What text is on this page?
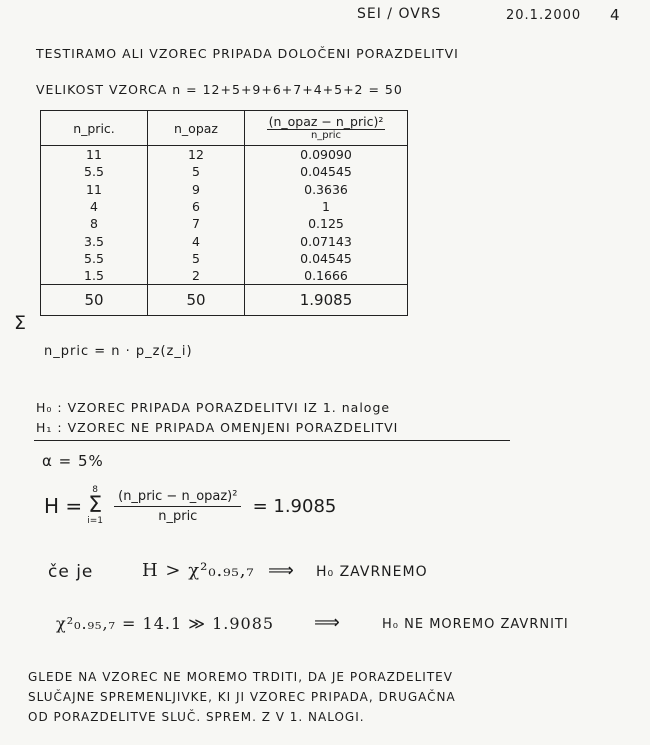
SEI / OVRS	20.1.2000 4
TESTIRAMO ALI VZOREC PRIPADA DOLOČENI PORAZDELITVI
VELIKOST VZORCA n = 12+5+9+6+7+4+5+2 = 50
n_pric.	n_opaz	$\frac{\text{(n\_opaz − n\_pric)²}}{\text{n\_pric}}$

11	12	0.09090
5.5	5	0.04545
11	9	0.3636
4	6	1
8	7	0.125
3.5	4	0.07143
5.5	5	0.04545
1.5	2	0.1666
50	50	1.9085
Σ
n_pric = n · p_z(z_i)
H₀ : VZOREC PRIPADA PORAZDELITVI IZ 1. naloge
H₁ : VZOREC NE PRIPADA OMENJENI PORAZDELITVI
α = 5%
H =
8
Σ
i=1
$\frac{\text{(n\_pric − n\_opaz)²}}{\text{n\_pric}} = 1.9085$
če je	H > χ²₀.₉₅,₇ ⟹ H₀ ZAVRNEMO
χ²₀.₉₅,₇ = 14.1 ≫ 1.9085 ⟹	H₀ NE MOREMO ZAVRNITI
GLEDE NA VZOREC NE MOREMO TRDITI, DA JE PORAZDELITEV
SLUČAJNE SPREMENLJIVKE, KI JI VZOREC PRIPADA, DRUGAČNA
OD PORAZDELITVE SLUČ. SPREM. Z V 1. NALOGI.
